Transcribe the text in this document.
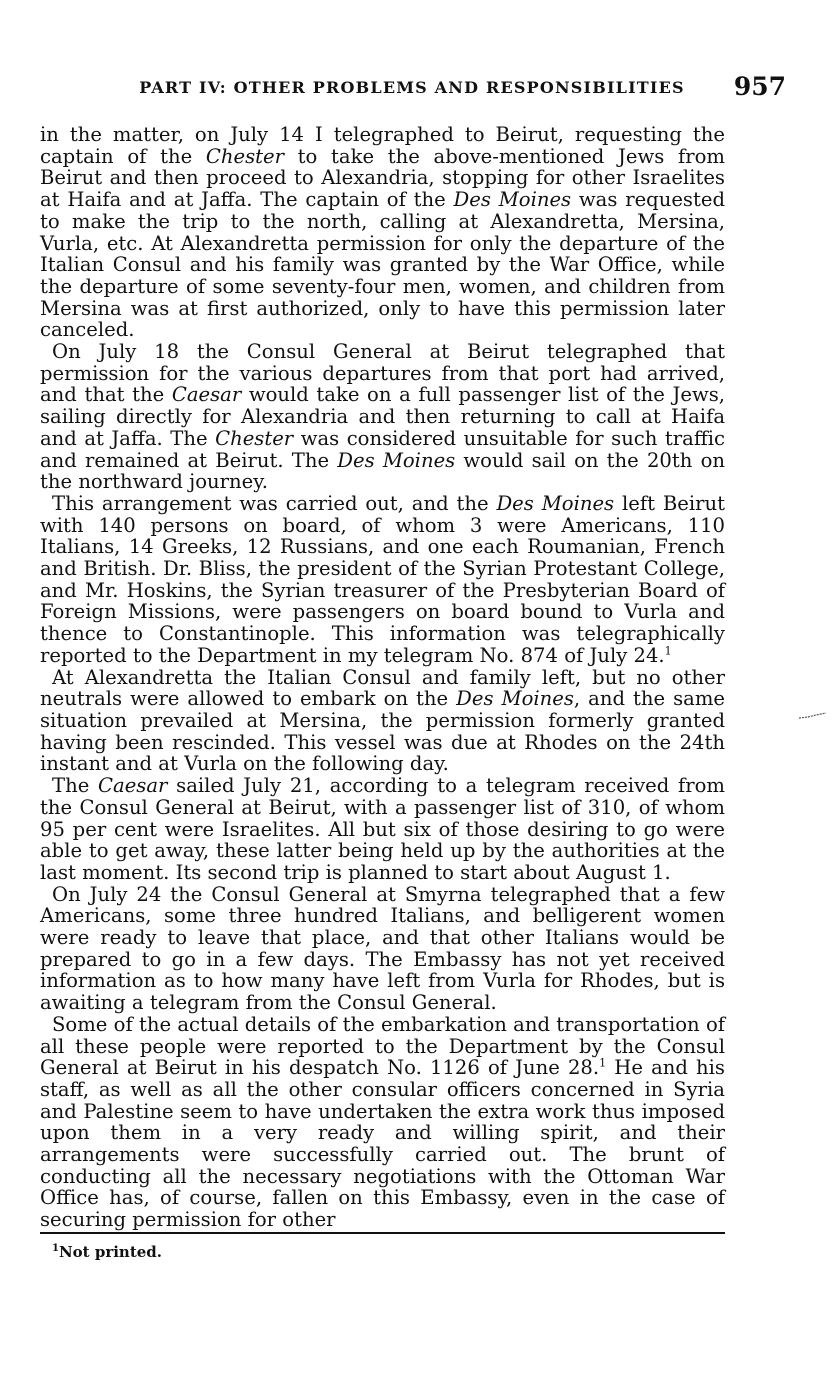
PART IV: OTHER PROBLEMS AND RESPONSIBILITIES	957

in the matter, on July 14 I telegraphed to Beirut, requesting the captain of the Chester to take the above-mentioned Jews from Beirut and then proceed to Alexandria, stopping for other Israelites at Haifa and at Jaffa. The captain of the Des Moines was requested to make the trip to the north, calling at Alexandretta, Mersina, Vurla, etc. At Alexandretta permission for only the departure of the Italian Consul and his family was granted by the War Office, while the departure of some seventy-four men, women, and children from Mersina was at first authorized, only to have this permission later canceled.

On July 18 the Consul General at Beirut telegraphed that permission for the various departures from that port had arrived, and that the Caesar would take on a full passenger list of the Jews, sailing directly for Alexandria and then returning to call at Haifa and at Jaffa. The Chester was considered unsuitable for such traffic and remained at Beirut. The Des Moines would sail on the 20th on the northward journey.

This arrangement was carried out, and the Des Moines left Beirut with 140 persons on board, of whom 3 were Americans, 110 Italians, 14 Greeks, 12 Russians, and one each Roumanian, French and British. Dr. Bliss, the president of the Syrian Protestant College, and Mr. Hoskins, the Syrian treasurer of the Presbyterian Board of Foreign Missions, were passengers on board bound to Vurla and thence to Constantinople. This information was telegraphically reported to the Department in my telegram No. 874 of July 24.$^1$

At Alexandretta the Italian Consul and family left, but no other neutrals were allowed to embark on the Des Moines, and the same situation prevailed at Mersina, the permission formerly granted having been rescinded. This vessel was due at Rhodes on the 24th instant and at Vurla on the following day.

The Caesar sailed July 21, according to a telegram received from the Consul General at Beirut, with a passenger list of 310, of whom 95 per cent were Israelites. All but six of those desiring to go were able to get away, these latter being held up by the authorities at the last moment. Its second trip is planned to start about August 1.

On July 24 the Consul General at Smyrna telegraphed that a few Americans, some three hundred Italians, and belligerent women were ready to leave that place, and that other Italians would be prepared to go in a few days. The Embassy has not yet received information as to how many have left from Vurla for Rhodes, but is awaiting a telegram from the Consul General.

Some of the actual details of the embarkation and transportation of all these people were reported to the Department by the Consul General at Beirut in his despatch No. 1126 of June 28.$^1$ He and his staff, as well as all the other consular officers concerned in Syria and Palestine seem to have undertaken the extra work thus imposed upon them in a very ready and willing spirit, and their arrangements were successfully carried out. The brunt of conducting all the necessary negotiations with the Ottoman War Office has, of course, fallen on this Embassy, even in the case of securing permission for other

$^1$Not printed.
